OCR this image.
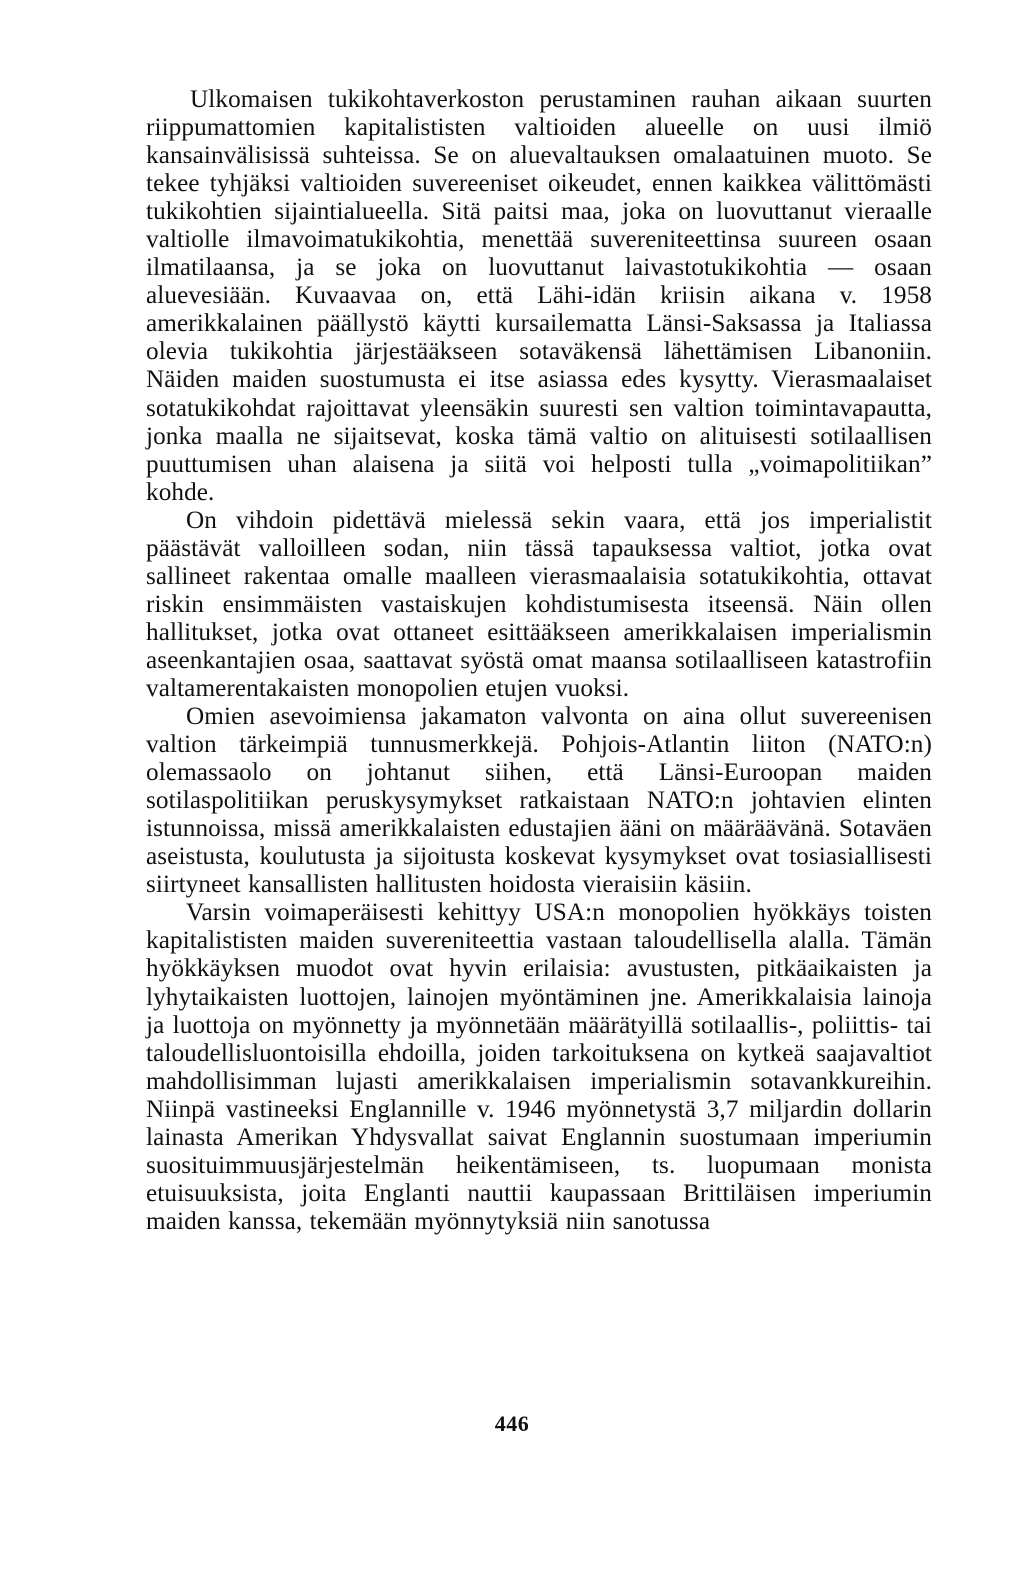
Ulkomaisen tukikohtaverkoston perustaminen rauhan aikaan suurten riippumattomien kapitalististen valtioiden alueelle on uusi ilmiö kansainvälisissä suhteissa. Se on aluevaltauksen omalaatuinen muoto. Se tekee tyhjäksi valtioiden suvereeniset oikeudet, ennen kaikkea välittömästi tukikohtien sijaintialueella. Sitä paitsi maa, joka on luovuttanut vieraalle valtiolle ilmavoimatukikohtia, menettää suvereniteettinsa suureen osaan ilmatilaansa, ja se joka on luovuttanut laivastotukikohtia — osaan aluevesiään. Kuvaavaa on, että Lähi-idän kriisin aikana v. 1958 amerikkalainen päällystö käytti kursailematta Länsi-Saksassa ja Italiassa olevia tukikohtia järjestääkseen sotaväkensä lähettämisen Libanoniin. Näiden maiden suostumusta ei itse asiassa edes kysytty. Vierasmaalaiset sotatukikohdat rajoittavat yleensäkin suuresti sen valtion toimintavapautta, jonka maalla ne sijaitsevat, koska tämä valtio on alituisesti sotilaallisen puuttumisen uhan alaisena ja siitä voi helposti tulla „voimapolitiikan” kohde.

On vihdoin pidettävä mielessä sekin vaara, että jos imperialistit päästävät valloilleen sodan, niin tässä tapauksessa valtiot, jotka ovat sallineet rakentaa omalle maalleen vierasmaalaisia sotatukikohtia, ottavat riskin ensimmäisten vastaiskujen kohdistumisesta itseensä. Näin ollen hallitukset, jotka ovat ottaneet esittääkseen amerikkalaisen imperialismin aseenkantajien osaa, saattavat syöstä omat maansa sotilaalliseen katastrofiin valtamerentakaisten monopolien etujen vuoksi.

Omien asevoimiensa jakamaton valvonta on aina ollut suvereenisen valtion tärkeimpiä tunnusmerkkejä. Pohjois-Atlantin liiton (NATO:n) olemassaolo on johtanut siihen, että Länsi-Euroopan maiden sotilaspolitiikan peruskysymykset ratkaistaan NATO:n johtavien elinten istunnoissa, missä amerikkalaisten edustajien ääni on määräävänä. Sotaväen aseistusta, koulutusta ja sijoitusta koskevat kysymykset ovat tosiasiallisesti siirtyneet kansallisten hallitusten hoidosta vieraisiin käsiin.

Varsin voimaperäisesti kehittyy USA:n monopolien hyökkäys toisten kapitalististen maiden suvereniteettia vastaan taloudellisella alalla. Tämän hyökkäyksen muodot ovat hyvin erilaisia: avustusten, pitkäaikaisten ja lyhytaikaisten luottojen, lainojen myöntäminen jne. Amerikkalaisia lainoja ja luottoja on myönnetty ja myönnetään määrätyillä sotilaallis-, poliittis- tai taloudellisluontoisilla ehdoilla, joiden tarkoituksena on kytkeä saajavaltiot mahdollisimman lujasti amerikkalaisen imperialismin sotavankkureihin. Niinpä vastineeksi Englannille v. 1946 myönnetystä 3,7 miljardin dollarin lainasta Amerikan Yhdysvallat saivat Englannin suostumaan imperiumin suosituimmuusjärjestelmän heikentämiseen, ts. luopumaan monista etuisuuksista, joita Englanti nauttii kaupassaan Brittiläisen imperiumin maiden kanssa, tekemään myönnytyksiä niin sanotussa

446
